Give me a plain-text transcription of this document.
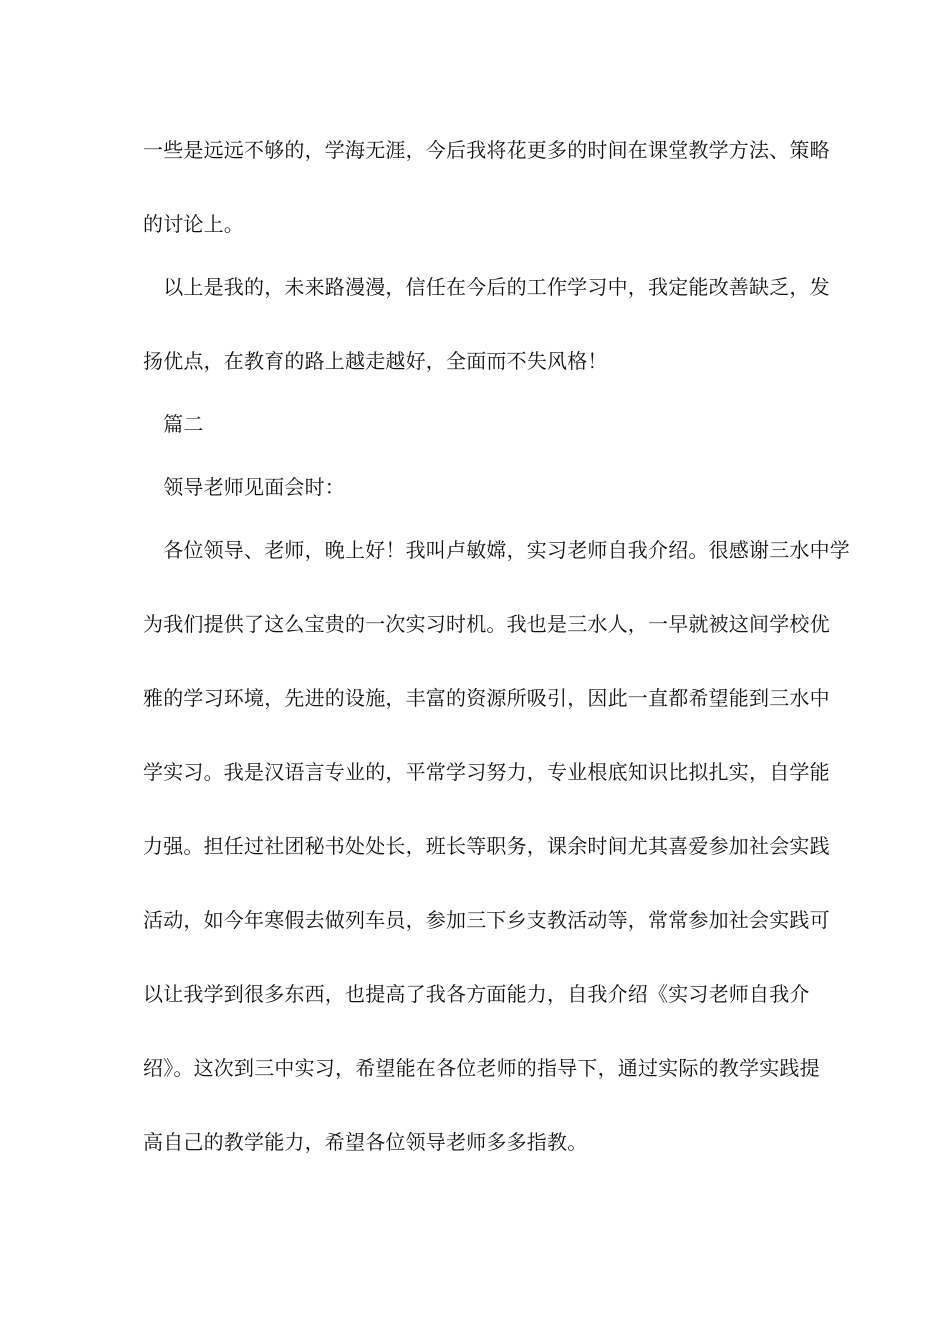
一些是远远不够的，学海无涯，今后我将花更多的时间在课堂教学方法、策略
的讨论上。
　以上是我的，未来路漫漫，信任在今后的工作学习中，我定能改善缺乏，发
扬优点，在教育的路上越走越好，全面而不失风格！
　篇二
　领导老师见面会时：
　各位领导、老师，晚上好！我叫卢敏嫦，实习老师自我介绍。很感谢三水中学
为我们提供了这么宝贵的一次实习时机。我也是三水人，一早就被这间学校优
雅的学习环境，先进的设施，丰富的资源所吸引，因此一直都希望能到三水中
学实习。我是汉语言专业的，平常学习努力，专业根底知识比拟扎实，自学能
力强。担任过社团秘书处处长，班长等职务，课余时间尤其喜爱参加社会实践
活动，如今年寒假去做列车员，参加三下乡支教活动等，常常参加社会实践可
以让我学到很多东西，也提高了我各方面能力，自我介绍《实习老师自我介
绍》。这次到三中实习，希望能在各位老师的指导下，通过实际的教学实践提
高自己的教学能力，希望各位领导老师多多指教。
